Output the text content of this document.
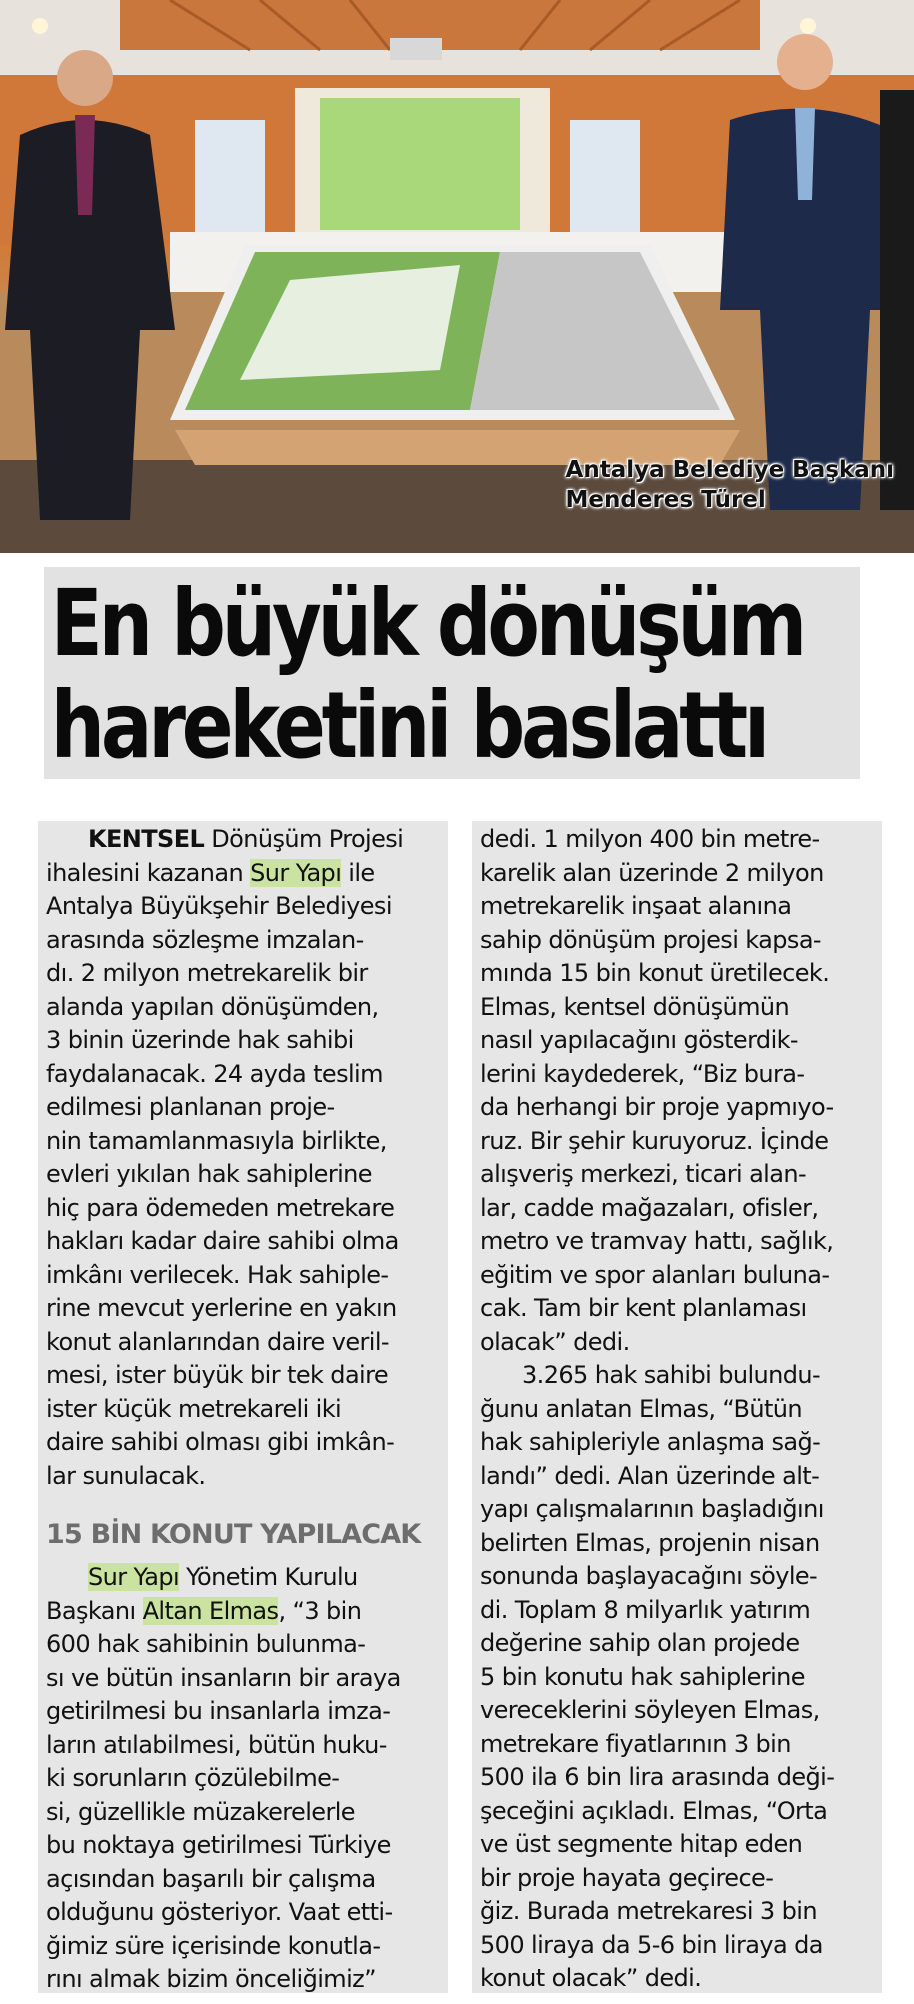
Antalya Belediye Başkanı
Menderes Türel
En büyük dönüşüm
hareketini baslattı

KENTSEL Dönüşüm Projesi
ihalesini kazanan Sur Yapı ile
Antalya Büyükşehir Belediyesi
arasında sözleşme imzalan-
dı. 2 milyon metrekarelik bir
alanda yapılan dönüşümden,
3 binin üzerinde hak sahibi
faydalanacak. 24 ayda teslim
edilmesi planlanan proje-
nin tamamlanmasıyla birlikte,
evleri yıkılan hak sahiplerine
hiç para ödemeden metrekare
hakları kadar daire sahibi olma
imkânı verilecek. Hak sahiple-
rine mevcut yerlerine en yakın
konut alanlarından daire veril-
mesi, ister büyük bir tek daire
ister küçük metrekareli iki
daire sahibi olması gibi imkân-
lar sunulacak.

15 BİN KONUT YAPILACAK

Sur Yapı Yönetim Kurulu
Başkanı Altan Elmas, “3 bin
600 hak sahibinin bulunma-
sı ve bütün insanların bir araya
getirilmesi bu insanlarla imza-
ların atılabilmesi, bütün huku-
ki sorunların çözülebilme-
si, güzellikle müzakerelerle
bu noktaya getirilmesi Türkiye
açısından başarılı bir çalışma
olduğunu gösteriyor. Vaat etti-
ğimiz süre içerisinde konutla-
rını almak bizim önceliğimiz”

dedi. 1 milyon 400 bin metre-
karelik alan üzerinde 2 milyon
metrekarelik inşaat alanına
sahip dönüşüm projesi kapsa-
mında 15 bin konut üretilecek.
Elmas, kentsel dönüşümün
nasıl yapılacağını gösterdik-
lerini kaydederek, “Biz bura-
da herhangi bir proje yapmıyo-
ruz. Bir şehir kuruyoruz. İçinde
alışveriş merkezi, ticari alan-
lar, cadde mağazaları, ofisler,
metro ve tramvay hattı, sağlık,
eğitim ve spor alanları buluna-
cak. Tam bir kent planlaması
olacak” dedi.

3.265 hak sahibi bulundu-
ğunu anlatan Elmas, “Bütün
hak sahipleriyle anlaşma sağ-
landı” dedi. Alan üzerinde alt-
yapı çalışmalarının başladığını
belirten Elmas, projenin nisan
sonunda başlayacağını söyle-
di. Toplam 8 milyarlık yatırım
değerine sahip olan projede
5 bin konutu hak sahiplerine
vereceklerini söyleyen Elmas,
metrekare fiyatlarının 3 bin
500 ila 6 bin lira arasında deği-
şeceğini açıkladı. Elmas, “Orta
ve üst segmente hitap eden
bir proje hayata geçirece-
ğiz. Burada metrekaresi 3 bin
500 liraya da 5-6 bin liraya da
konut olacak” dedi.
